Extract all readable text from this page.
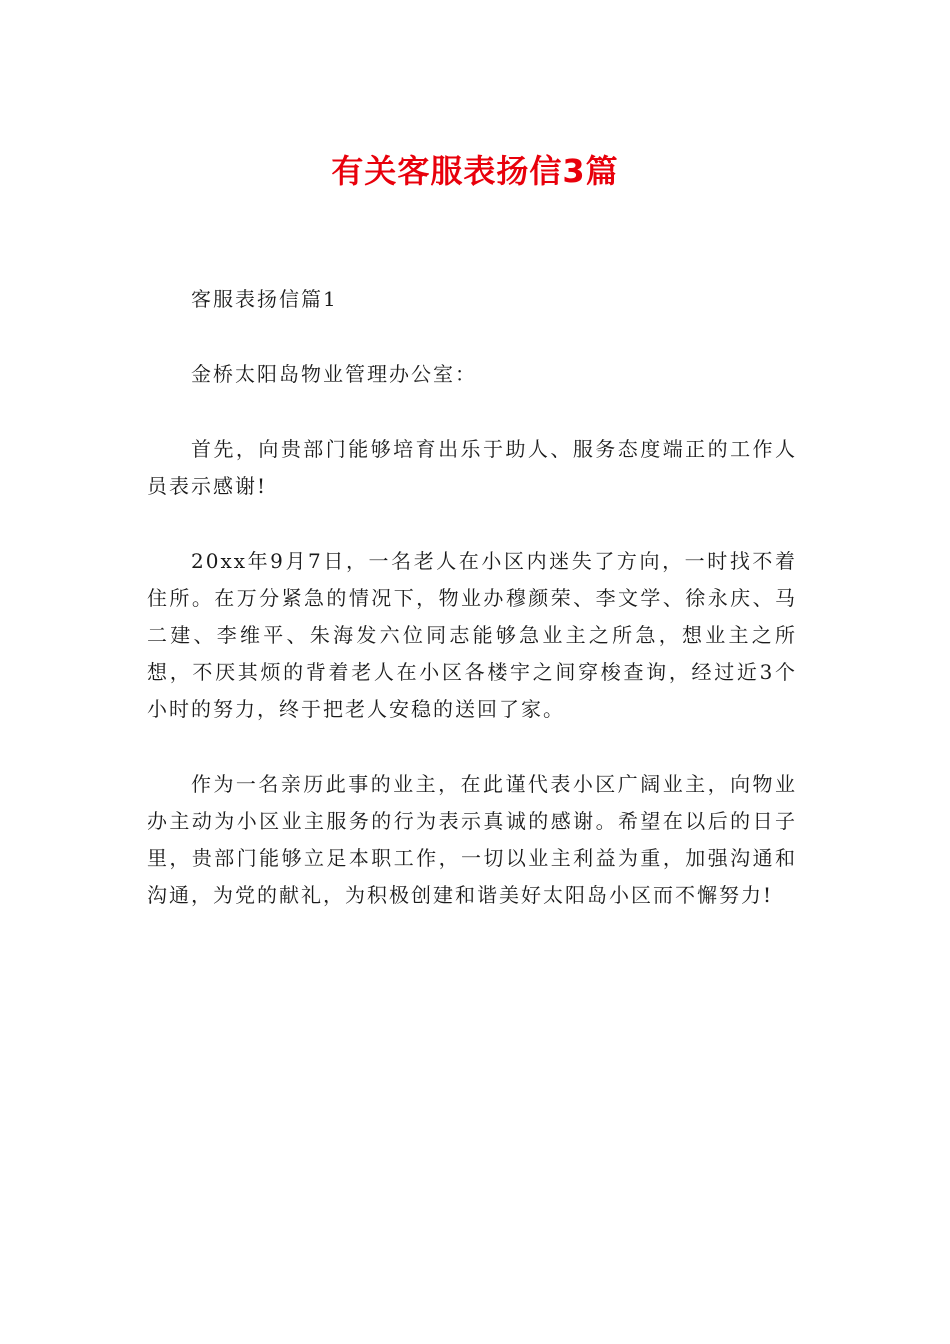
有关客服表扬信3篇

客服表扬信篇1

金桥太阳岛物业管理办公室：

首先，向贵部门能够培育出乐于助人、服务态度端正的工作人员表示感谢!

20xx年9月7日，一名老人在小区内迷失了方向，一时找不着住所。在万分紧急的情况下，物业办穆颜荣、李文学、徐永庆、马二建、李维平、朱海发六位同志能够急业主之所急，想业主之所想，不厌其烦的背着老人在小区各楼宇之间穿梭查询，经过近3个小时的努力，终于把老人安稳的送回了家。

作为一名亲历此事的业主，在此谨代表小区广阔业主，向物业办主动为小区业主服务的行为表示真诚的感谢。希望在以后的日子里，贵部门能够立足本职工作，一切以业主利益为重，加强沟通和沟通，为党的献礼，为积极创建和谐美好太阳岛小区而不懈努力!
